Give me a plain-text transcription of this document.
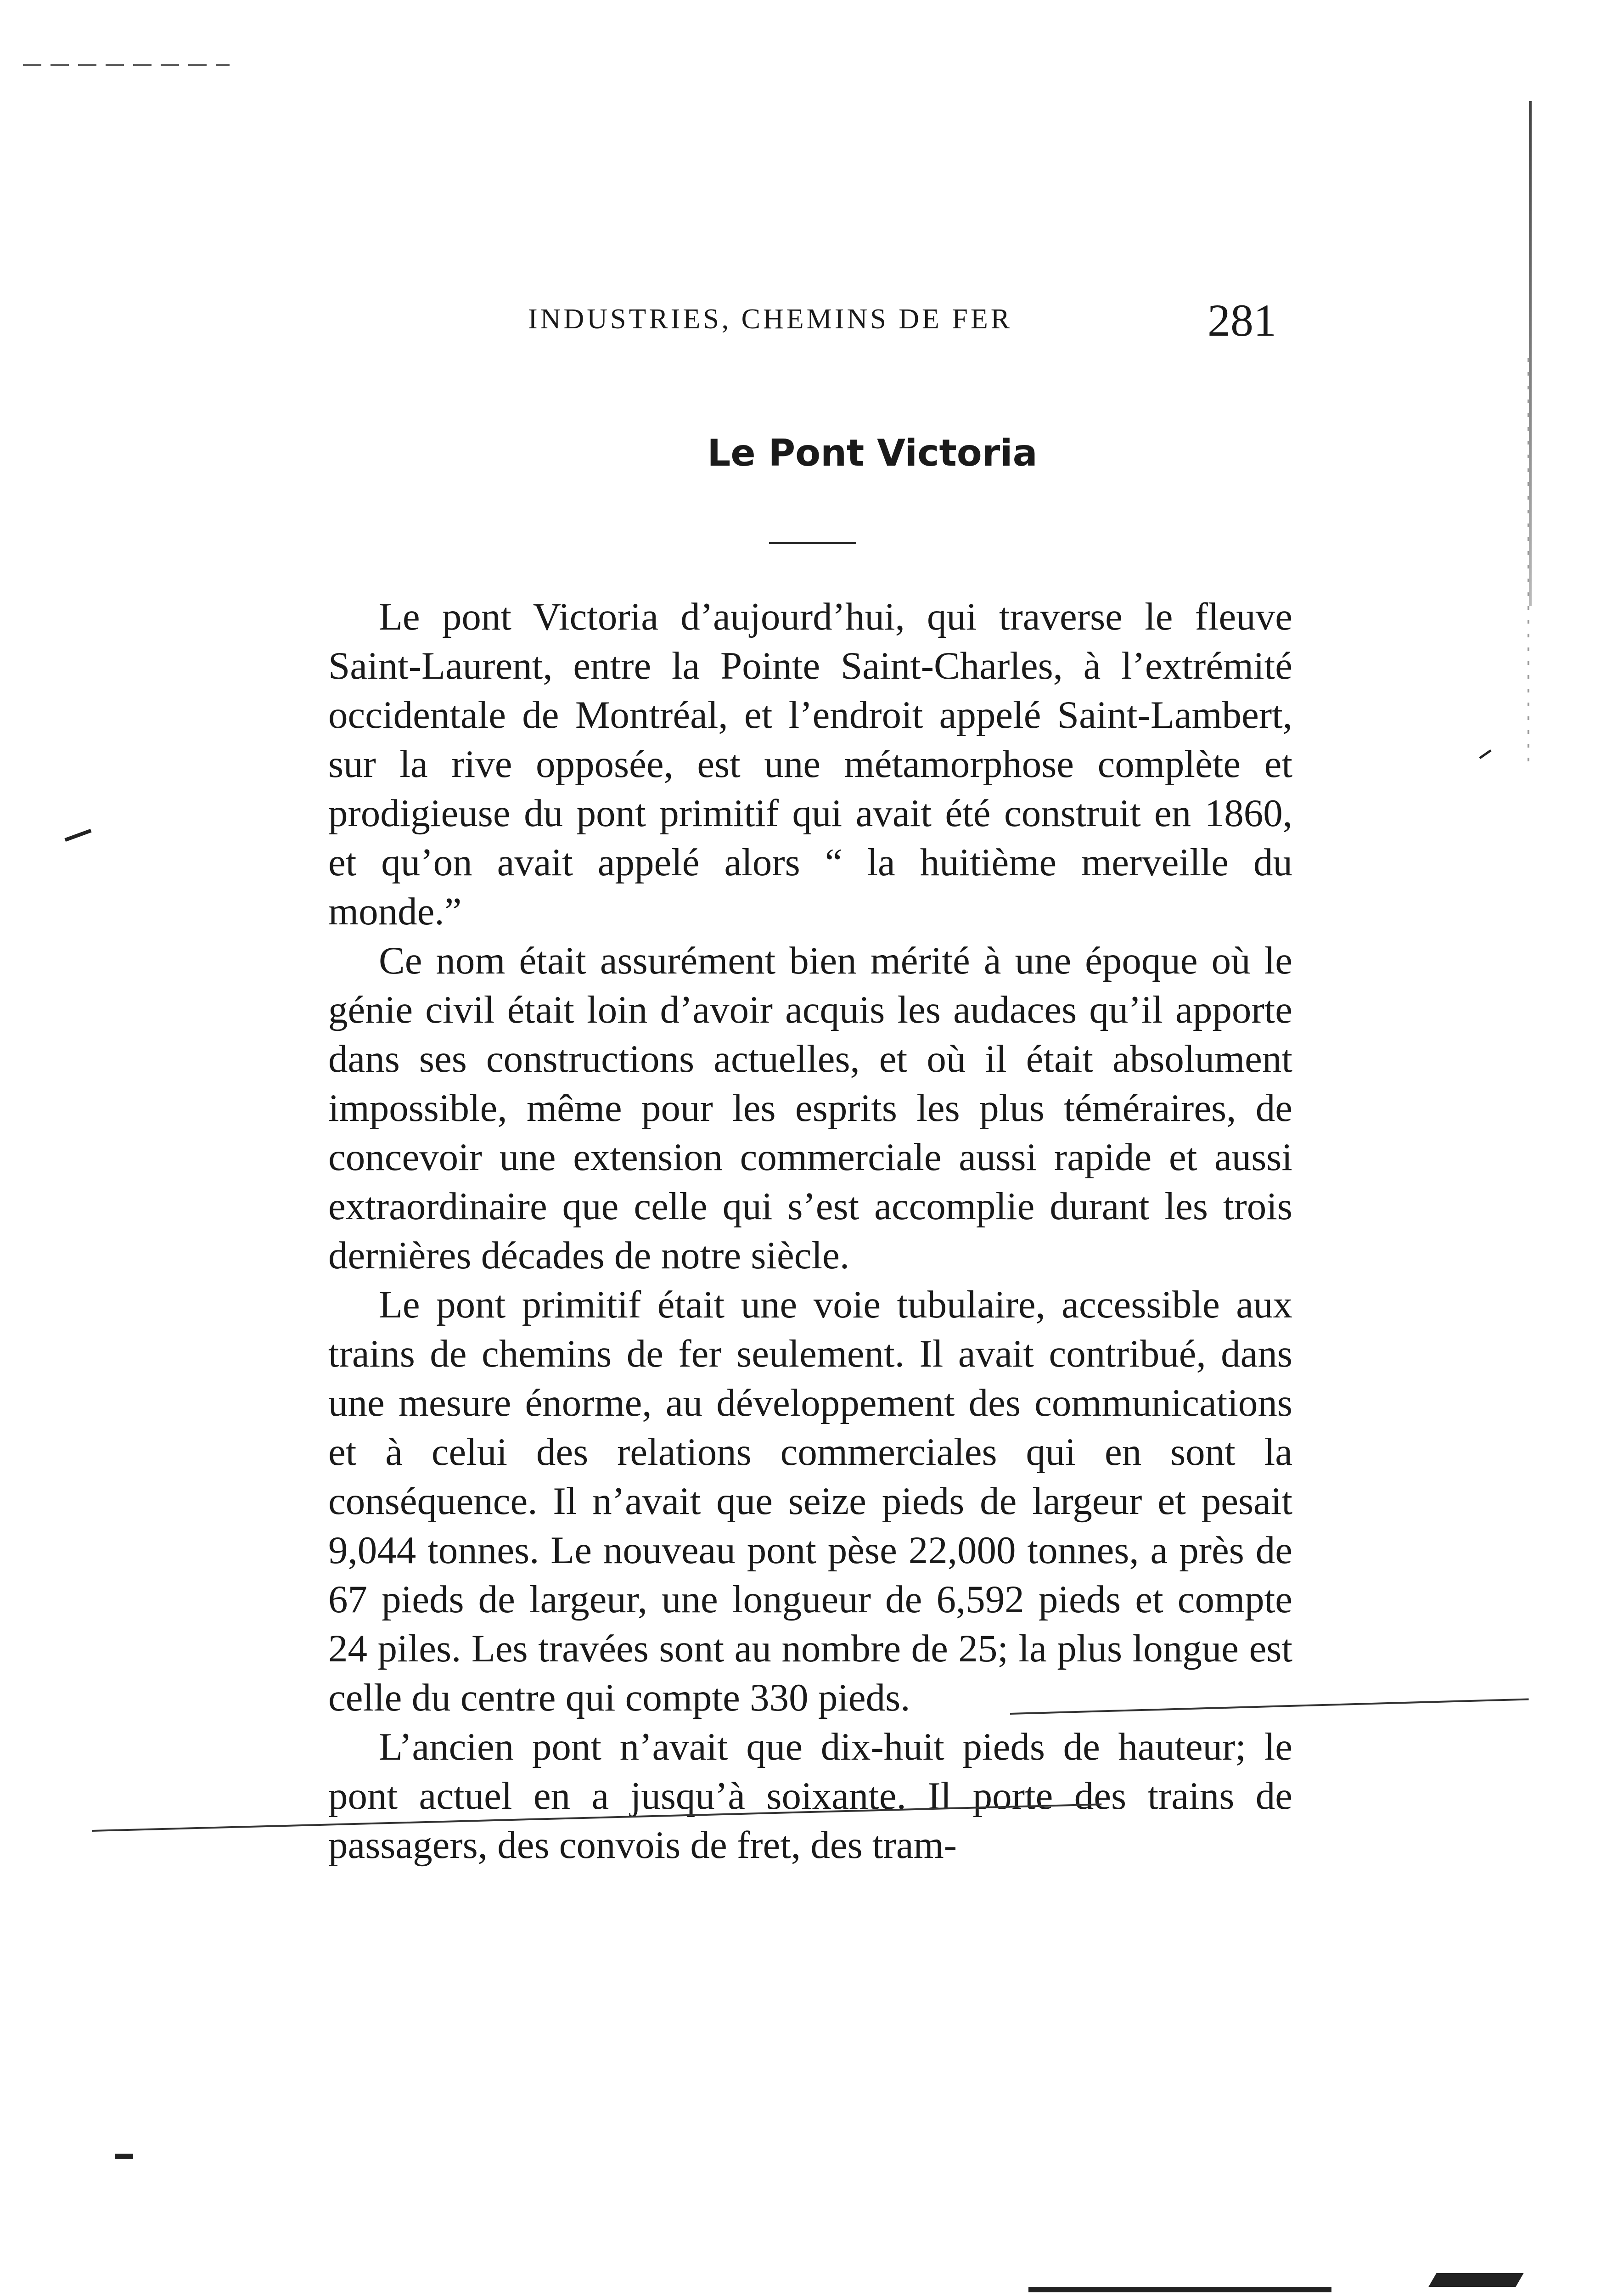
INDUSTRIES, CHEMINS DE FER	281
Le Pont Victoria

Le pont Victoria d’aujourd’hui, qui traverse le fleuve Saint-Laurent, entre la Pointe Saint-Charles, à l’extrémité occidentale de Montréal, et l’endroit appelé Saint-Lambert, sur la rive opposée, est une métamorphose complète et prodigieuse du pont primitif qui avait été construit en 1860, et qu’on avait appelé alors “ la huitième merveille du monde.”

Ce nom était assurément bien mérité à une époque où le génie civil était loin d’avoir acquis les audaces qu’il apporte dans ses constructions actuelles, et où il était absolument impossible, même pour les esprits les plus téméraires, de concevoir une extension commerciale aussi rapide et aussi extraordinaire que celle qui s’est accomplie durant les trois dernières décades de notre siècle.

Le pont primitif était une voie tubulaire, accessible aux trains de chemins de fer seulement. Il avait contribué, dans une mesure énorme, au développement des communications et à celui des relations commerciales qui en sont la conséquence. Il n’avait que seize pieds de largeur et pesait 9,044 tonnes. Le nouveau pont pèse 22,000 tonnes, a près de 67 pieds de largeur, une longueur de 6,592 pieds et compte 24 piles. Les travées sont au nombre de 25; la plus longue est celle du centre qui compte 330 pieds.

L’ancien pont n’avait que dix-huit pieds de hauteur; le pont actuel en a jusqu’à soixante. Il porte des trains de passagers, des convois de fret, des tram-
